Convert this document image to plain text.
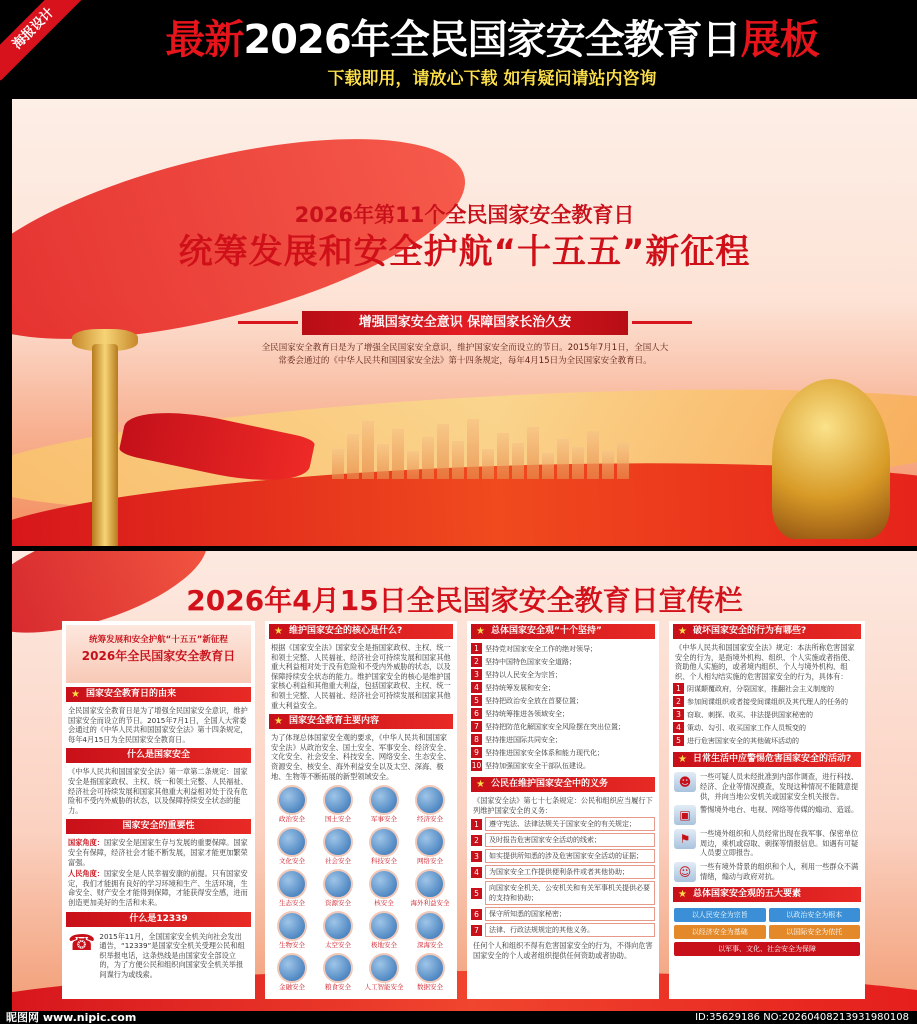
海报设计	最新2026年全民国家安全教育日展板
下载即用，请放心下载 如有疑问请站内咨询
2026年第11个全民国家安全教育日
统筹发展和安全护航“十五五”新征程
增强国家安全意识 保障国家长治久安
全民国家安全教育日是为了增强全民国家安全意识，维护国家安全而设立的节日。2015年7月1日，全国人大常委会通过的《中华人民共和国国家安全法》第十四条规定，每年4月15日为全民国家安全教育日。
2026年4月15日全民国家安全教育日宣传栏
统筹发展和安全护航“十五五”新征程
2026年全民国家安全教育日
★ 国家安全教育日的由来
全民国家安全教育日是为了增强全民国家安全意识，维护国家安全而设立的节日。2015年7月1日，全国人大常委会通过的《中华人民共和国国家安全法》第十四条规定，每年4月15日为全民国家安全教育日。
什么是国家安全
《中华人民共和国国家安全法》第一章第二条规定：国家安全是指国家政权、主权、统一和领土完整、人民福祉、经济社会可持续发展和国家其他重大利益相对处于没有危险和不受内外威胁的状态，以及保障持续安全状态的能力。
国家安全的重要性
国家角度：国家安全是国家生存与发展的重要保障。国家安全有保障，经济社会才能不断发展，国家才能更加繁荣富强。
人民角度：国家安全是人民幸福安康的前提。只有国家安定，我们才能拥有良好的学习环境和生产、生活环境，生命安全、财产安全才能得到保障，才能获得安全感，进而创造更加美好的生活和未来。
什么是12339
☎ 2015年11月，全国国家安全机关向社会发出通告，“12339”是国家安全机关受理公民和组织举报电话，这条热线是由国家安全部设立的，为了方便公民和组织向国家安全机关举报间谍行为或线索。
★ 维护国家安全的核心是什么?
根据《国家安全法》国家安全是指国家政权、主权、统一和领土完整、人民福祉、经济社会可持续发展和国家其他重大利益相对处于没有危险和不受内外威胁的状态，以及保障持续安全状态的能力。维护国家安全的核心是维护国家核心利益和其他重大利益，包括国家政权、主权、统一和领土完整、人民福祉、经济社会可持续发展和国家其他重大利益安全。
★ 国家安全教育主要内容
为了体现总体国家安全观的要求，《中华人民共和国国家安全法》从政治安全、国土安全、军事安全、经济安全、文化安全、社会安全、科技安全、网络安全、生态安全、资源安全、核安全、海外利益安全以及太空、深海、极地、生物等不断拓展的新型领域安全。
政治安全	国土安全	军事安全	经济安全
文化安全	社会安全	科技安全	网络安全
生态安全	资源安全	核安全	海外利益安全
生物安全	太空安全	极地安全	深海安全
金融安全	粮食安全	人工智能安全	数据安全
★ 总体国家安全观“十个坚持”
1 坚持党对国家安全工作的绝对领导；
2 坚持中国特色国家安全道路；
3 坚持以人民安全为宗旨；
4 坚持统筹发展和安全；
5 坚持把政治安全放在首要位置；
6 坚持统筹推进各领域安全；
7 坚持把防范化解国家安全风险摆在突出位置；
8 坚持推进国际共同安全；
9 坚持推进国家安全体系和能力现代化；
10 坚持加强国家安全干部队伍建设。
★ 公民在维护国家安全中的义务
《国家安全法》第七十七条规定：公民和组织应当履行下列维护国家安全的义务：
1	遵守宪法、法律法规关于国家安全的有关规定；
2	及时报告危害国家安全活动的线索；
3	如实提供所知悉的涉及危害国家安全活动的证据；
4	为国家安全工作提供便利条件或者其他协助；
5
向国家安全机关、公安机关和有关军事机关提供必要的支持和协助；
6	保守所知悉的国家秘密；
7	法律、行政法规规定的其他义务。
任何个人和组织不得有危害国家安全的行为，不得向危害国家安全的个人或者组织提供任何资助或者协助。
★ 破坏国家安全的行为有哪些?
《中华人民共和国国家安全法》规定：本法所称危害国家安全的行为，是指境外机构、组织、个人实施或者指使、资助他人实施的，或者境内组织、个人与境外机构、组织、个人相勾结实施的危害国家安全的行为，具体有：
1 阴谋颠覆政府，分裂国家，推翻社会主义制度的
2 参加间谍组织或者接受间谍组织及其代理人的任务的
3 窃取、刺探、收买、非法提供国家秘密的
4 策动、勾引、收买国家工作人员叛变的
5 进行危害国家安全的其他破坏活动的
★ 日常生活中应警惕危害国家安全的活动?
☻	一些可疑人员未经批准到内部作调查，进行科技、经济、企业等情况摸查，发现这种情况不能随意提供，并向当地公安机关或国家安全机关报告。
▣	警惕境外电台、电视、网络等传媒的煽动、造谣。
⚑	一些境外组织和人员经常出现在我军事、保密单位周边，乘机或窃取、刺探等情报信息。如遇有可疑人员要立即报告。
☺	一些有境外背景的组织和个人，利用一些群众不满情绪，煽动与政府对抗。
★ 总体国家安全观的五大要素
以人民安全为宗旨	以政治安全为根本
以经济安全为基础	以国际安全为依托
以军事、文化、社会安全为保障
昵图网 www.nipic.com	ID:35629186 NO:20260408213931980108
